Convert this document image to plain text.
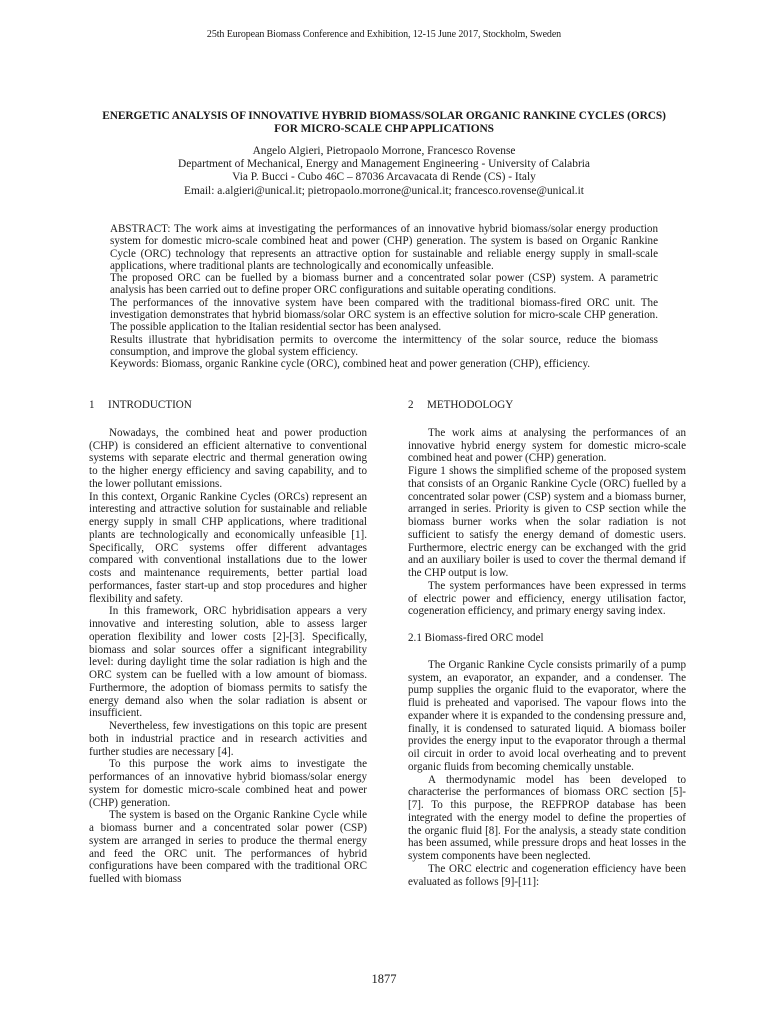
25th European Biomass Conference and Exhibition, 12-15 June 2017, Stockholm, Sweden
ENERGETIC ANALYSIS OF INNOVATIVE HYBRID BIOMASS/SOLAR ORGANIC RANKINE CYCLES (ORCS) FOR MICRO-SCALE CHP APPLICATIONS
Angelo Algieri, Pietropaolo Morrone, Francesco Rovense
Department of Mechanical, Energy and Management Engineering - University of Calabria
Via P. Bucci - Cubo 46C – 87036 Arcavacata di Rende (CS) - Italy
Email: a.algieri@unical.it; pietropaolo.morrone@unical.it; francesco.rovense@unical.it

ABSTRACT: The work aims at investigating the performances of an innovative hybrid biomass/solar energy production system for domestic micro-scale combined heat and power (CHP) generation. The system is based on Organic Rankine Cycle (ORC) technology that represents an attractive option for sustainable and reliable energy supply in small-scale applications, where traditional plants are technologically and economically unfeasible.

The proposed ORC can be fuelled by a biomass burner and a concentrated solar power (CSP) system. A parametric analysis has been carried out to define proper ORC configurations and suitable operating conditions.

The performances of the innovative system have been compared with the traditional biomass-fired ORC unit. The investigation demonstrates that hybrid biomass/solar ORC system is an effective solution for micro-scale CHP generation. The possible application to the Italian residential sector has been analysed.

Results illustrate that hybridisation permits to overcome the intermittency of the solar source, reduce the biomass consumption, and improve the global system efficiency.

Keywords: Biomass, organic Rankine cycle (ORC), combined heat and power generation (CHP), efficiency.

1 INTRODUCTION

Nowadays, the combined heat and power production (CHP) is considered an efficient alternative to conventional systems with separate electric and thermal generation owing to the higher energy efficiency and saving capability, and to the lower pollutant emissions.

In this context, Organic Rankine Cycles (ORCs) represent an interesting and attractive solution for sustainable and reliable energy supply in small CHP applications, where traditional plants are technologically and economically unfeasible [1]. Specifically, ORC systems offer different advantages compared with conventional installations due to the lower costs and maintenance requirements, better partial load performances, faster start-up and stop procedures and higher flexibility and safety.

In this framework, ORC hybridisation appears a very innovative and interesting solution, able to assess larger operation flexibility and lower costs [2]-[3]. Specifically, biomass and solar sources offer a significant integrability level: during daylight time the solar radiation is high and the ORC system can be fuelled with a low amount of biomass. Furthermore, the adoption of biomass permits to satisfy the energy demand also when the solar radiation is absent or insufficient.

Nevertheless, few investigations on this topic are present both in industrial practice and in research activities and further studies are necessary [4].

To this purpose the work aims to investigate the performances of an innovative hybrid biomass/solar energy system for domestic micro-scale combined heat and power (CHP) generation.

The system is based on the Organic Rankine Cycle while a biomass burner and a concentrated solar power (CSP) system are arranged in series to produce the thermal energy and feed the ORC unit. The performances of hybrid configurations have been compared with the traditional ORC fuelled with biomass

2 METHODOLOGY

The work aims at analysing the performances of an innovative hybrid energy system for domestic micro-scale combined heat and power (CHP) generation.

Figure 1 shows the simplified scheme of the proposed system that consists of an Organic Rankine Cycle (ORC) fuelled by a concentrated solar power (CSP) system and a biomass burner, arranged in series. Priority is given to CSP section while the biomass burner works when the solar radiation is not sufficient to satisfy the energy demand of domestic users. Furthermore, electric energy can be exchanged with the grid and an auxiliary boiler is used to cover the thermal demand if the CHP output is low.

The system performances have been expressed in terms of electric power and efficiency, energy utilisation factor, cogeneration efficiency, and primary energy saving index.

2.1 Biomass-fired ORC model

The Organic Rankine Cycle consists primarily of a pump system, an evaporator, an expander, and a condenser. The pump supplies the organic fluid to the evaporator, where the fluid is preheated and vaporised. The vapour flows into the expander where it is expanded to the condensing pressure and, finally, it is condensed to saturated liquid. A biomass boiler provides the energy input to the evaporator through a thermal oil circuit in order to avoid local overheating and to prevent organic fluids from becoming chemically unstable.

A thermodynamic model has been developed to characterise the performances of biomass ORC section [5]-[7]. To this purpose, the REFPROP database has been integrated with the energy model to define the properties of the organic fluid [8]. For the analysis, a steady state condition has been assumed, while pressure drops and heat losses in the system components have been neglected.

The ORC electric and cogeneration efficiency have been evaluated as follows [9]-[11]:

1877
